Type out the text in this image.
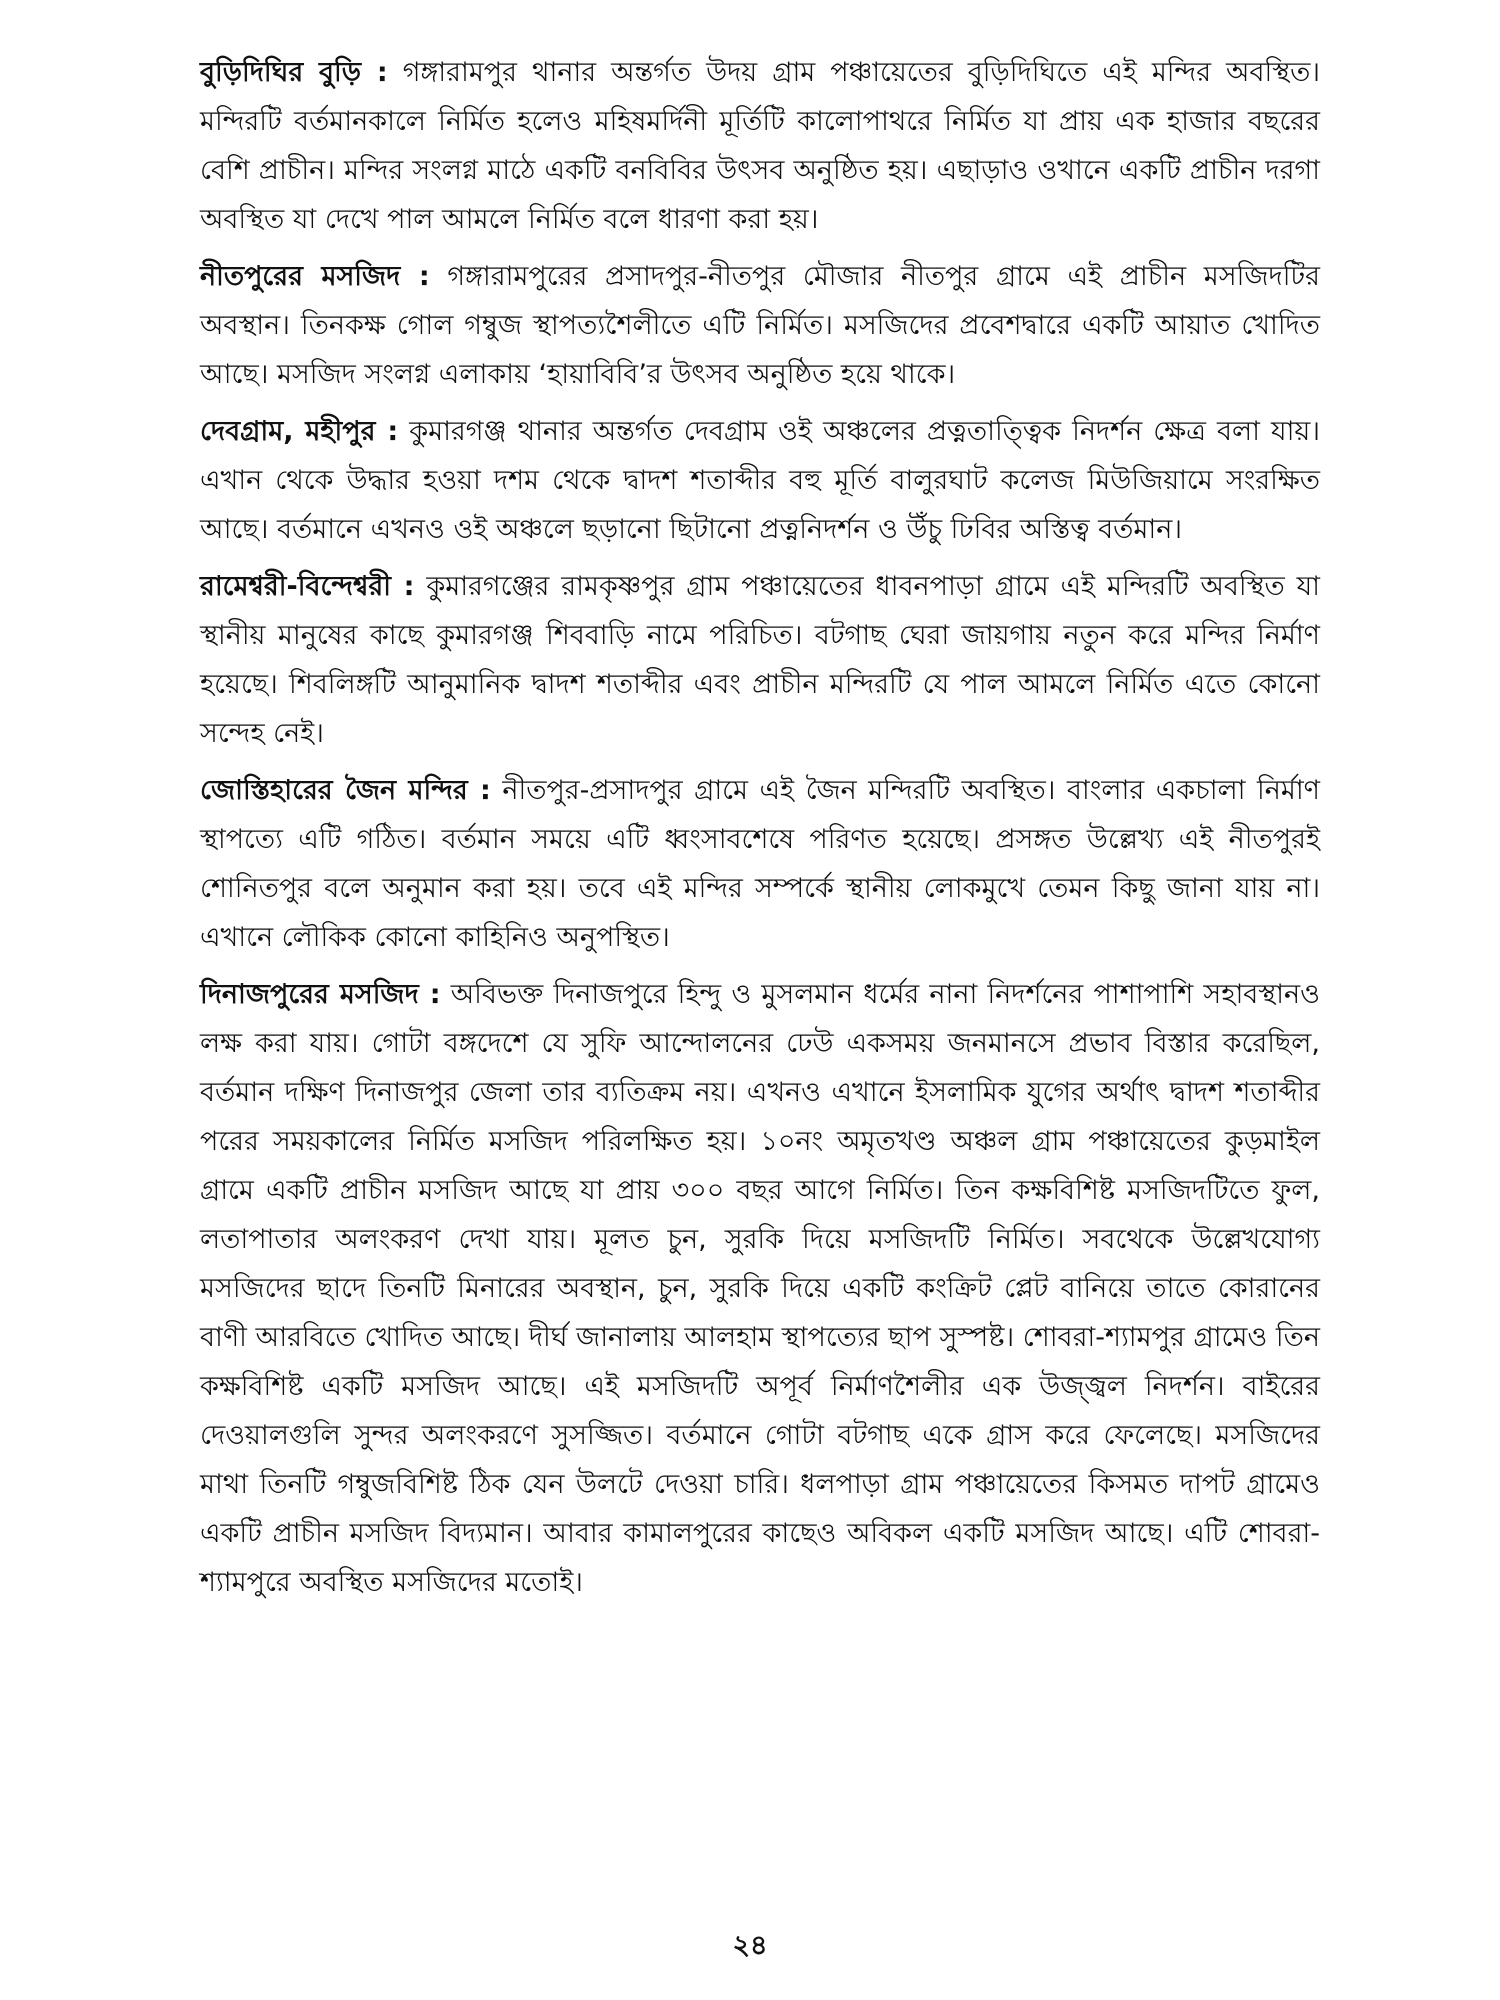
বুড়িদিঘির বুড়ি : গঙ্গারামপুর থানার অন্তর্গত উদয় গ্রাম পঞ্চায়েতের বুড়িদিঘিতে এই মন্দির অবস্থিত। মন্দিরটি বর্তমানকালে নির্মিত হলেও মহিষমর্দিনী মূর্তিটি কালোপাথরে নির্মিত যা প্রায় এক হাজার বছরের বেশি প্রাচীন। মন্দির সংলগ্ন মাঠে একটি বনবিবির উৎসব অনুষ্ঠিত হয়। এছাড়াও ওখানে একটি প্রাচীন দরগা অবস্থিত যা দেখে পাল আমলে নির্মিত বলে ধারণা করা হয়।

নীতপুরের মসজিদ : গঙ্গারামপুরের প্রসাদপুর-নীতপুর মৌজার নীতপুর গ্রামে এই প্রাচীন মসজিদটির অবস্থান। তিনকক্ষ গোল গম্বুজ স্থাপত্যশৈলীতে এটি নির্মিত। মসজিদের প্রবেশদ্বারে একটি আয়াত খোদিত আছে। মসজিদ সংলগ্ন এলাকায় ‘হায়াবিবি’র উৎসব অনুষ্ঠিত হয়ে থাকে।

দেবগ্রাম, মহীপুর : কুমারগঞ্জ থানার অন্তর্গত দেবগ্রাম ওই অঞ্চলের প্রত্নতাত্ত্বিক নিদর্শন ক্ষেত্র বলা যায়। এখান থেকে উদ্ধার হওয়া দশম থেকে দ্বাদশ শতাব্দীর বহু মূর্তি বালুরঘাট কলেজ মিউজিয়ামে সংরক্ষিত আছে। বর্তমানে এখনও ওই অঞ্চলে ছড়ানো ছিটানো প্রত্ননিদর্শন ও উঁচু ঢিবির অস্তিত্ব বর্তমান।

রামেশ্বরী-বিন্দেশ্বরী : কুমারগঞ্জের রামকৃষ্ণপুর গ্রাম পঞ্চায়েতের ধাবনপাড়া গ্রামে এই মন্দিরটি অবস্থিত যা স্থানীয় মানুষের কাছে কুমারগঞ্জ শিববাড়ি নামে পরিচিত। বটগাছ ঘেরা জায়গায় নতুন করে মন্দির নির্মাণ হয়েছে। শিবলিঙ্গটি আনুমানিক দ্বাদশ শতাব্দীর এবং প্রাচীন মন্দিরটি যে পাল আমলে নির্মিত এতে কোনো সন্দেহ নেই।

জোস্তিহারের জৈন মন্দির : নীতপুর-প্রসাদপুর গ্রামে এই জৈন মন্দিরটি অবস্থিত। বাংলার একচালা নির্মাণ স্থাপত্যে এটি গঠিত। বর্তমান সময়ে এটি ধ্বংসাবশেষে পরিণত হয়েছে। প্রসঙ্গত উল্লেখ্য এই নীতপুরই শোনিতপুর বলে অনুমান করা হয়। তবে এই মন্দির সম্পর্কে স্থানীয় লোকমুখে তেমন কিছু জানা যায় না। এখানে লৌকিক কোনো কাহিনিও অনুপস্থিত।

দিনাজপুরের মসজিদ : অবিভক্ত দিনাজপুরে হিন্দু ও মুসলমান ধর্মের নানা নিদর্শনের পাশাপাশি সহাবস্থানও লক্ষ করা যায়। গোটা বঙ্গদেশে যে সুফি আন্দোলনের ঢেউ একসময় জনমানসে প্রভাব বিস্তার করেছিল, বর্তমান দক্ষিণ দিনাজপুর জেলা তার ব্যতিক্রম নয়। এখনও এখানে ইসলামিক যুগের অর্থাৎ দ্বাদশ শতাব্দীর পরের সময়কালের নির্মিত মসজিদ পরিলক্ষিত হয়। ১০নং অমৃতখণ্ড অঞ্চল গ্রাম পঞ্চায়েতের কুড়মাইল গ্রামে একটি প্রাচীন মসজিদ আছে যা প্রায় ৩০০ বছর আগে নির্মিত। তিন কক্ষবিশিষ্ট মসজিদটিতে ফুল, লতাপাতার অলংকরণ দেখা যায়। মূলত চুন, সুরকি দিয়ে মসজিদটি নির্মিত। সবথেকে উল্লেখযোগ্য মসজিদের ছাদে তিনটি মিনারের অবস্থান, চুন, সুরকি দিয়ে একটি কংক্রিট প্লেট বানিয়ে তাতে কোরানের বাণী আরবিতে খোদিত আছে। দীর্ঘ জানালায় আলহাম স্থাপত্যের ছাপ সুস্পষ্ট। শোবরা-শ্যামপুর গ্রামেও তিন কক্ষবিশিষ্ট একটি মসজিদ আছে। এই মসজিদটি অপূর্ব নির্মাণশৈলীর এক উজ্জ্বল নিদর্শন। বাইরের দেওয়ালগুলি সুন্দর অলংকরণে সুসজ্জিত। বর্তমানে গোটা বটগাছ একে গ্রাস করে ফেলেছে। মসজিদের মাথা তিনটি গম্বুজবিশিষ্ট ঠিক যেন উলটে দেওয়া চারি। ধলপাড়া গ্রাম পঞ্চায়েতের কিসমত দাপট গ্রামেও একটি প্রাচীন মসজিদ বিদ্যমান। আবার কামালপুরের কাছেও অবিকল একটি মসজিদ আছে। এটি শোবরা-শ্যামপুরে অবস্থিত মসজিদের মতোই।

২৪
